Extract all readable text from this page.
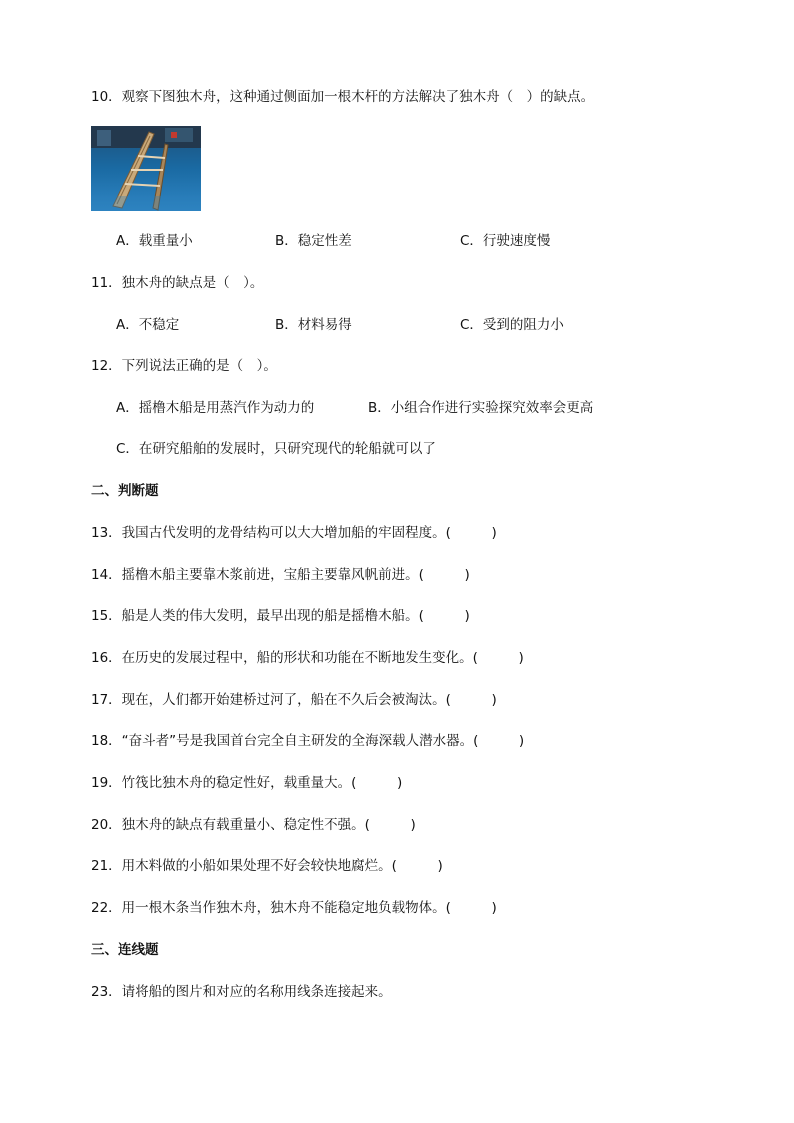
10．观察下图独木舟，这种通过侧面加一根木杆的方法解决了独木舟（　）的缺点。
A．载重量小	B．稳定性差	C．行驶速度慢
11．独木舟的缺点是（　）。
A．不稳定	B．材料易得	C．受到的阻力小
12．下列说法正确的是（　）。
A．摇橹木船是用蒸汽作为动力的	B．小组合作进行实验探究效率会更高
C．在研究船舶的发展时，只研究现代的轮船就可以了
二、判断题
13．我国古代发明的龙骨结构可以大大增加船的牢固程度。(　　　)
14．摇橹木船主要靠木浆前进，宝船主要靠风帆前进。(　　　)
15．船是人类的伟大发明，最早出现的船是摇橹木船。(　　　)
16．在历史的发展过程中，船的形状和功能在不断地发生变化。(　　　)
17．现在，人们都开始建桥过河了，船在不久后会被淘汰。(　　　)
18．“奋斗者”号是我国首台完全自主研发的全海深载人潜水器。(　　　)
19．竹筏比独木舟的稳定性好，载重量大。(　　　)
20．独木舟的缺点有载重量小、稳定性不强。(　　　)
21．用木料做的小船如果处理不好会较快地腐烂。(　　　)
22．用一根木条当作独木舟，独木舟不能稳定地负载物体。(　　　)
三、连线题
23．请将船的图片和对应的名称用线条连接起来。
